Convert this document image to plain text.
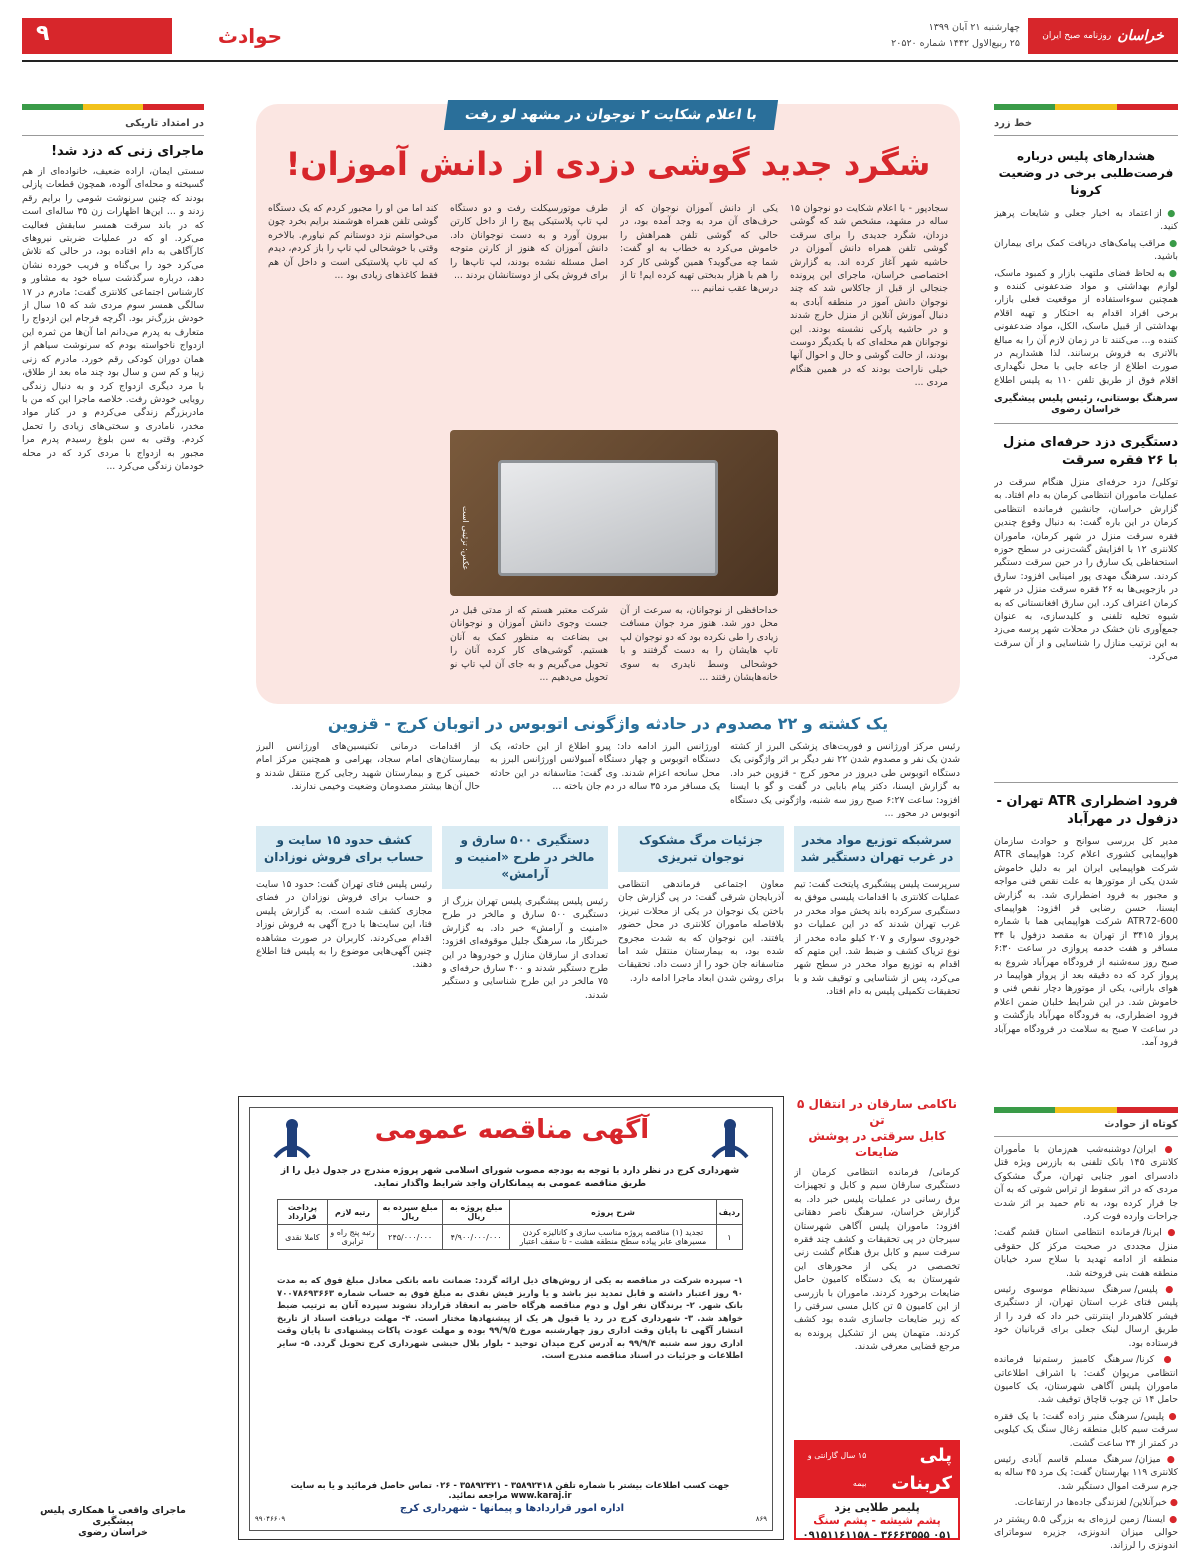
خراسان
روزنامه صبح ایران
چهارشنبه ۲۱ آبان ۱۳۹۹
۲۵ ربیع‌الاول ۱۴۴۲ شماره ۲۰۵۲۰
۹	حوادث
خط زرد
هشدارهای پلیس درباره فرصت‌طلبی برخی در وضعیت کرونا

● از اعتماد به اخبار جعلی و شایعات پرهیز کنید.

● مراقب پیامک‌های دریافت کمک برای بیماران باشید.

● به لحاظ فضای ملتهب بازار و کمبود ماسک، لوازم بهداشتی و مواد ضدعفونی کننده و همچنین سوءاستفاده از موقعیت فعلی بازار، برخی افراد اقدام به احتکار و تهیه اقلام بهداشتی از قبیل ماسک، الکل، مواد ضدعفونی کننده و... می‌کنند تا در زمان لازم آن را به مبالغ بالاتری به فروش برسانند. لذا هشداریم در صورت اطلاع از جاعه جایی با محل نگهداری اقلام فوق از طریق تلفن ۱۱۰ به پلیس اطلاع

سرهنگ بوستانی، رئیس پلیس پیشگیری خراسان رضوی
دستگیری دزد حرفه‌ای منزل با ۲۶ فقره سرقت
توکلی/ دزد حرفه‌ای منزل هنگام سرقت در عملیات ماموران انتظامی کرمان به دام افتاد. به گزارش خراسان، جانشین فرمانده انتظامی کرمان در این باره گفت: به دنبال وقوع چندین فقره سرقت منزل در شهر کرمان، ماموران کلانتری ۱۲ با افزایش گشت‌زنی در سطح حوزه استحفاظی یک سارق را در حین سرقت دستگیر کردند. سرهنگ مهدی پور امینایی افزود: سارق در بازجویی‌ها به ۲۶ فقره سرقت منزل در شهر کرمان اعتراف کرد. این سارق افغانستانی که به شیوه تخلیه تلفنی و کلیدسازی، به عنوان جمع‌آوری نان خشک در محلات شهر پرسه می‌زد به این ترتیب منازل را شناسایی و از آن سرقت می‌کرد.
فرود اضطراری ATR تهران - دزفول در مهرآباد
مدیر کل بررسی سوانح و حوادث سازمان هواپیمایی کشوری اعلام کرد: هواپیمای ATR شرکت هواپیمایی ایران ایر به دلیل خاموش شدن یکی از موتورها به علت نقص فنی مواجه و مجبور به فرود اضطراری شد. به گزارش ایسنا، حسن رضایی فر افزود: هواپیمای ATR72-600 شرکت هواپیمایی هما با شماره پرواز ۳۴۱۵ از تهران به مقصد دزفول با ۳۴ مسافر و هفت خدمه پروازی در ساعت ۶:۳۰ صبح روز سه‌شنبه از فرودگاه مهرآباد شروع به پرواز کرد که ده دقیقه بعد از پرواز هواپیما در هوای بارانی، یکی از موتورها دچار نقص فنی و خاموش شد. در این شرایط خلبان ضمن اعلام فرود اضطراری، به فرودگاه مهرآباد بازگشت و در ساعت ۷ صبح به سلامت در فرودگاه مهرآباد فرود آمد.
کوتاه از حوادث

● ایران/ دوشنبه‌شب هم‌زمان با مأموران کلانتری ۱۴۵ بانک تلفنی به بازرس ویژه قتل دادسرای امور جنایی تهران، مرگ مشکوک مردی که در اثر سقوط از تراس شوتی که به آن جا فرار کرده بود، به نام حمید بر اثر شدت جراحات وارده فوت کرد.

● ایرنا/ فرمانده انتظامی استان قشم گفت: منزل مجددی در صحبت مرکز کل حقوقی منطقه از ادامه تهدید با سلاح سرد خیابان منطقه هفت بنی فروخته شد.

● پلیس/ سرهنگ سیدنظام موسوی رئیس پلیس فتای غرب استان تهران، از دستگیری فیشر کلاهبردار اینترنتی خبر داد که فرد را از طریق ارسال لینک جعلی برای قربانیان خود فرستاده بود.

● کرنا/ سرهنگ کامبیز رستم‌نیا فرمانده انتظامی مریوان گفت: با اشراف اطلاعاتی ماموران پلیس آگاهی شهرستان، یک کامیون حامل ۱۴ تن چوب قاچاق توقیف شد.

● پلیس/ سرهنگ منیر زاده گفت: با یک فقره سرقت سیم کابل منطقه زغال سنگ یک کیلویی در کمتر از ۲۴ ساعت گشت.

● میزان/ سرهنگ مسلم قاسم آبادی رئیس کلانتری ۱۱۹ بهارستان گفت: یک مرد ۴۵ ساله به جرم سرقت اموال دستگیر شد.

● خبرآنلاین/ لغزندگی جاده‌ها در ارتفاعات.

● ایسنا/ زمین لرزه‌ای به بزرگی ۵.۵ ریشتر در حوالی میزان اندونزی، جزیره سوماترای اندونزی را لرزاند.

در امتداد تاریکی
ماجرای زنی که دزد شد!
سستی ایمان، اراده ضعیف، خانواده‌ای از هم گسیخته و محله‌ای آلوده، همچون قطعات پازلی بودند که چنین سرنوشت شومی را برایم رقم زدند و ... این‌ها اظهارات زن ۳۵ ساله‌ای است که در باند سرقت همسر سابقش فعالیت می‌کرد. او که در عملیات ضربتی نیروهای کارآگاهی به دام افتاده بود، در حالی که تلاش می‌کرد خود را بی‌گناه و فریب خورده نشان دهد، درباره سرگذشت سیاه خود به مشاور و کارشناس اجتماعی کلانتری گفت: مادرم در ۱۷ سالگی همسر سوم مردی شد که ۱۵ سال از خودش بزرگ‌تر بود. اگرچه فرجام این ازدواج را متعارف به پدرم می‌دانم اما آن‌ها من ثمره این ازدواج ناخواسته بودم که سرنوشت سیاهم از همان دوران کودکی رقم خورد. مادرم که زنی زیبا و کم سن و سال بود چند ماه بعد از طلاق، با مرد دیگری ازدواج کرد و به دنبال زندگی رویایی خودش رفت. خلاصه ماجرا این که من با مادربزرگم زندگی می‌کردم و در کنار مواد مخدر، نامادری و سختی‌های زیادی را تحمل کردم. وقتی به سن بلوغ رسیدم پدرم مرا مجبور به ازدواج با مردی کرد که در محله خودمان زندگی می‌کرد ...
ماجرای واقعی با همکاری پلیس پیشگیری
خراسان رضوی
با اعلام شکایت ۲ نوجوان در مشهد لو رفت
شگرد جدید گوشی دزدی از دانش آموزان!
سجادپور - با اعلام شکایت دو نوجوان ۱۵ ساله در مشهد، مشخص شد که گوشی دزدان، شگرد جدیدی را برای سرقت گوشی تلفن همراه دانش آموزان در حاشیه شهر آغاز کرده اند. به گزارش اختصاصی خراسان، ماجرای این پرونده جنجالی از قبل از جاکلاس شد که چند نوجوان دانش آموز در منطقه آبادی به دنبال آموزش آنلاین از منزل خارج شدند و در حاشیه پارکی نشسته بودند. این نوجوانان هم محله‌ای که با یکدیگر دوست بودند، از حالت گوشی و حال و احوال آنها خیلی ناراحت بودند که در همین هنگام مردی ...
یکی از دانش آموزان نوجوان که از حرف‌های آن مرد به وجد آمده بود، در حالی که گوشی تلفن همراهش را خاموش می‌کرد به خطاب به او گفت: شما چه می‌گوید؟ همین گوشی کار کرد را هم با هزار بدبختی تهیه کرده ایم! تا از درس‌ها عقب نمانیم ...
طرف موتورسیکلت رفت و دو دستگاه لپ تاپ پلاستیکی پیچ را از داخل کارتن بیرون آورد و به دست نوجوانان داد. دانش آموزان که هنوز از کارتن متوجه اصل مسئله نشده بودند، لپ تاپ‌ها را برای فروش یکی از دوستانشان بردند ...
کند اما من او را مجبور کردم که یک دستگاه گوشی تلفن همراه هوشمند برایم بخرد چون می‌خواستم نزد دوستانم کم نیاورم. بالاخره وقتی با خوشحالی لپ تاپ را باز کردم، دیدم که لپ تاپ پلاستیکی است و داخل آن هم فقط کاغذهای زیادی بود ...
عکس: تزئینی است
خداحافظی از نوجوانان، به سرعت از آن محل دور شد. هنوز مرد جوان مسافت زیادی را طی نکرده بود که دو نوجوان لپ تاپ هایشان را به دست گرفتند و با خوشحالی وسط نایدری به سوی خانه‌هایشان رفتند ...
شرکت معتبر هستم که از مدتی قبل در جست وجوی دانش آموزان و نوجوانان بی بضاعت به منظور کمک به آنان هستیم. گوشی‌های کار کرده آنان را تحویل می‌گیریم و به جای آن لپ تاپ نو تحویل می‌دهیم ...
یک کشته و ۲۲ مصدوم در حادثه واژگونی اتوبوس در اتوبان کرج - قزوین
رئیس مرکز اورژانس و فوریت‌های پزشکی البرز از کشته شدن یک نفر و مصدوم شدن ۲۲ نفر دیگر بر اثر واژگونی یک دستگاه اتوبوس طی دیروز در محور کرج - قزوین خبر داد. به گزارش ایسنا، دکتر پیام بابایی در گفت و گو با ایسنا افزود: ساعت ۶:۲۷ صبح روز سه شنبه، واژگونی یک دستگاه اتوبوس در محور ...
اورژانس البرز ادامه داد: پیرو اطلاع از این حادثه، یک دستگاه اتوبوس و چهار دستگاه آمبولانس اورژانس البرز به محل سانحه اعزام شدند. وی گفت: متاسفانه در این حادثه یک مسافر مرد ۳۵ ساله در دم جان باخته ...
از اقدامات درمانی تکنیسین‌های اورژانس البرز بیمارستان‌های امام سجاد، بهرامی و همچنین مرکز امام خمینی کرج و بیمارستان شهید رجایی کرج منتقل شدند و حال آن‌ها بیشتر مصدومان وضعیت وخیمی ندارند.
سرشبکه توزیع مواد مخدر در غرب تهران دستگیر شد
سرپرست پلیس پیشگیری پایتخت گفت: تیم عملیات کلانتری با اقدامات پلیسی موفق به دستگیری سرکرده باند پخش مواد مخدر در غرب تهران شدند که در این عملیات دو خودروی سواری و ۲۰۷ کیلو ماده مخدر از نوع تریاک کشف و ضبط شد. این متهم که اقدام به توزیع مواد مخدر در سطح شهر می‌کرد، پس از شناسایی و توقیف شد و با تحقیقات تکمیلی پلیس به دام افتاد.
جزئیات مرگ مشکوک نوجوان تبریزی
معاون اجتماعی فرماندهی انتظامی آذربایجان شرقی گفت: در پی گزارش جان باختن یک نوجوان در یکی از محلات تبریز، بلافاصله ماموران کلانتری در محل حضور یافتند. این نوجوان که به شدت مجروح شده بود، به بیمارستان منتقل شد اما متاسفانه جان خود را از دست داد. تحقیقات برای روشن شدن ابعاد ماجرا ادامه دارد.
دستگیری ۵۰۰ سارق و مالخر در طرح «امنیت و آرامش»
رئیس پلیس پیشگیری پلیس تهران بزرگ از دستگیری ۵۰۰ سارق و مالخر در طرح «امنیت و آرامش» خبر داد. به گزارش خبرنگار ما، سرهنگ جلیل موقوفه‌ای افزود: تعدادی از سارقان منازل و خودروها در این طرح دستگیر شدند و ۴۰۰ سارق حرفه‌ای و ۷۵ مالخر در این طرح شناسایی و دستگیر شدند.
کشف حدود ۱۵ سایت و حساب برای فروش نوزادان
رئیس پلیس فتای تهران گفت: حدود ۱۵ سایت و حساب برای فروش نوزادان در فضای مجازی کشف شده است. به گزارش پلیس فتا، این سایت‌ها با درج آگهی به فروش نوزاد اقدام می‌کردند. کاربران در صورت مشاهده چنین آگهی‌هایی موضوع را به پلیس فتا اطلاع دهند.
ناکامی سارقان در انتقال ۵ تن
کابل سرقتی در پوشش ضایعات
کرمانی/ فرمانده انتظامی کرمان از دستگیری سارقان سیم و کابل و تجهیزات برق رسانی در عملیات پلیس خبر داد. به گزارش خراسان، سرهنگ ناصر دهقانی افزود: ماموران پلیس آگاهی شهرستان سیرجان در پی تحقیقات و کشف چند فقره سرقت سیم و کابل برق هنگام گشت زنی تخصصی در یکی از محورهای این شهرستان به یک دستگاه کامیون حامل ضایعات برخورد کردند. ماموران با بازرسی از این کامیون ۵ تن کابل مسی سرقتی را که زیر ضایعات جاسازی شده بود کشف کردند. متهمان پس از تشکیل پرونده به مرجع قضایی معرفی شدند.
پلی کربنات
۱۵ سال گارانتی و بیمه
پلیمر طلایی یزد
پشم شیشه - پشم سنگ
۰۵۱ ۳۶۶۶۳۵۵۵ - ۰۹۱۵۱۱۶۱۱۵۸
آگهی مناقصه عمومی
شهرداری کرج در نظر دارد با توجه به بودجه مصوب شورای اسلامی شهر پروژه مندرج در جدول ذیل را از طریق مناقصه عمومی به پیمانکاران واجد شرایط واگذار نماید.
ردیف	شرح پروژه	مبلغ پروژه به ریال	مبلغ سپرده به ریال	رتبه لازم	پرداخت قرارداد
۱	تجدید (۱) مناقصه پروژه مناسب سازی و کانالیزه کردن مسیرهای عابر پیاده سطح منطقه هشت - تا سقف اعتبار	۴/۹۰۰/۰۰۰/۰۰۰	۲۴۵/۰۰۰/۰۰۰	رتبه پنج راه و ترابری	کاملا نقدی
۱- سپرده شرکت در مناقصه به یکی از روش‌های ذیل ارائه گردد: ضمانت نامه بانکی معادل مبلغ فوق که به مدت ۹۰ روز اعتبار داشته و قابل تمدید نیز باشد و یا واریز فیش نقدی به مبلغ فوق به حساب شماره ۷۰۰۷۸۶۹۳۶۶۳ بانک شهر. ۲- برندگان نفر اول و دوم مناقصه هرگاه حاضر به انعقاد قرارداد نشوند سپرده آنان به ترتیب ضبط خواهد شد. ۳- شهرداری کرج در رد یا قبول هر یک از پیشنهادها مختار است. ۴- مهلت دریافت اسناد از تاریخ انتشار آگهی تا پایان وقت اداری روز چهارشنبه مورخ ۹۹/۹/۵ بوده و مهلت عودت پاکات پیشنهادی تا پایان وقت اداری روز سه شنبه ۹۹/۹/۴ به آدرس کرج میدان توحید - بلوار بلال حبشی شهرداری کرج تحویل گردد. ۵- سایر اطلاعات و جزئیات در اسناد مناقصه مندرج است.
جهت کسب اطلاعات بیشتر با شماره تلفن ۳۵۸۹۲۴۱۸ - ۳۵۸۹۲۴۲۱ - ۰۲۶ تماس حاصل فرمائید و یا به سایت www.karaj.ir مراجعه نمائید.
اداره امور قراردادها و پیمانها - شهرداری کرج
۸۶۹
۹۹۰۴۶۶۰۹
